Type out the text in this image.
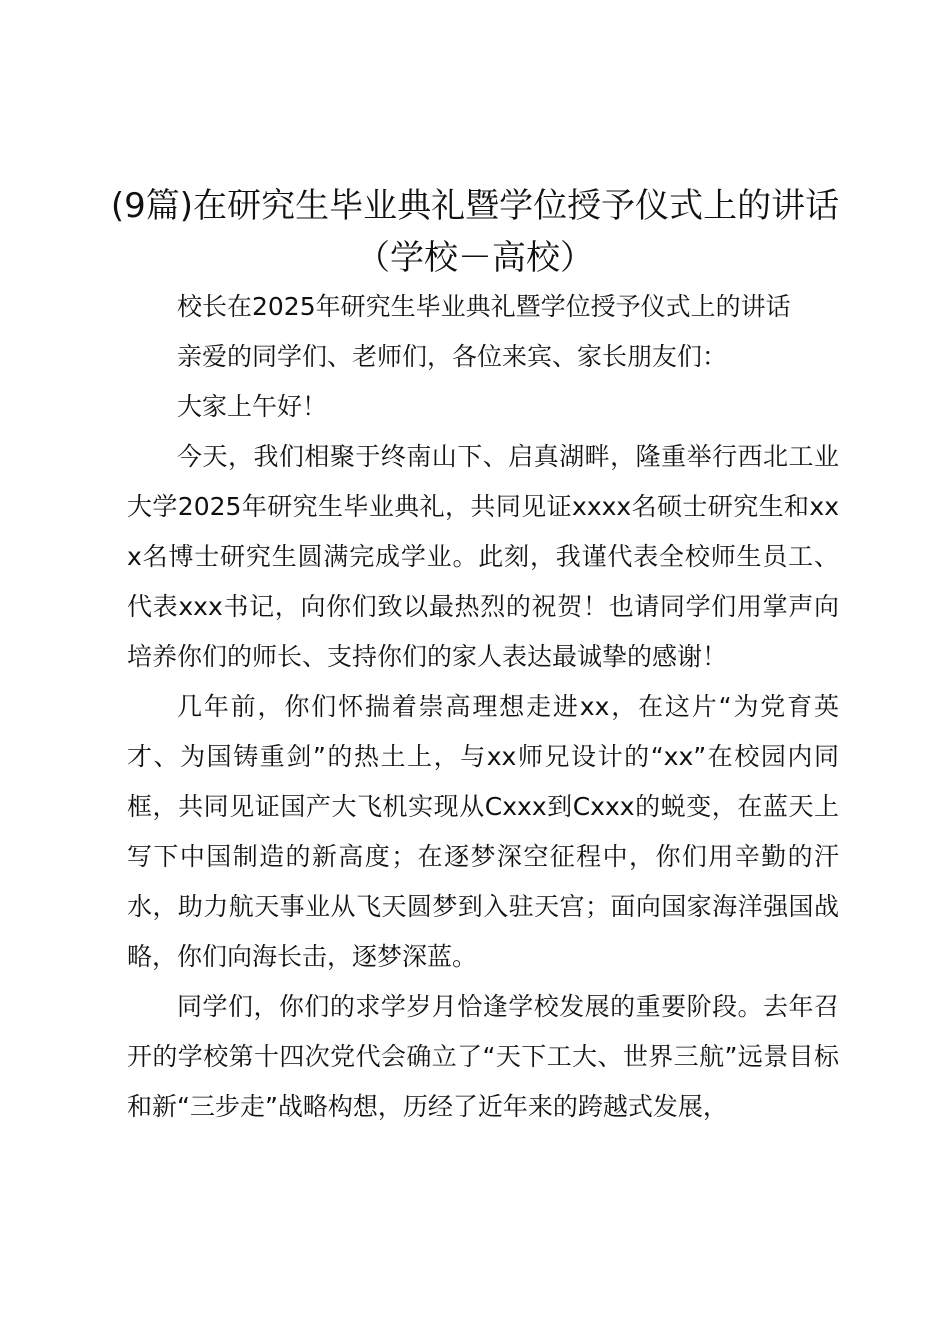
(9篇)在研究生毕业典礼暨学位授予仪式上的讲话（学校－高校）

校长在2025年研究生毕业典礼暨学位授予仪式上的讲话

亲爱的同学们、老师们，各位来宾、家长朋友们：

大家上午好！

今天，我们相聚于终南山下、启真湖畔，隆重举行西北工业大学2025年研究生毕业典礼，共同见证xxxx名硕士研究生和xxx名博士研究生圆满完成学业。此刻，我谨代表全校师生员工、代表xxx书记，向你们致以最热烈的祝贺！也请同学们用掌声向培养你们的师长、支持你们的家人表达最诚挚的感谢！

几年前，你们怀揣着崇高理想走进xx，在这片“为党育英才、为国铸重剑”的热土上，与xx师兄设计的“xx”在校园内同框，共同见证国产大飞机实现从Cxxx到Cxxx的蜕变，在蓝天上写下中国制造的新高度；在逐梦深空征程中，你们用辛勤的汗水，助力航天事业从飞天圆梦到入驻天宫；面向国家海洋强国战略，你们向海长击，逐梦深蓝。

同学们，你们的求学岁月恰逢学校发展的重要阶段。去年召开的学校第十四次党代会确立了“天下工大、世界三航”远景目标和新“三步走”战略构想，历经了近年来的跨越式发展，
